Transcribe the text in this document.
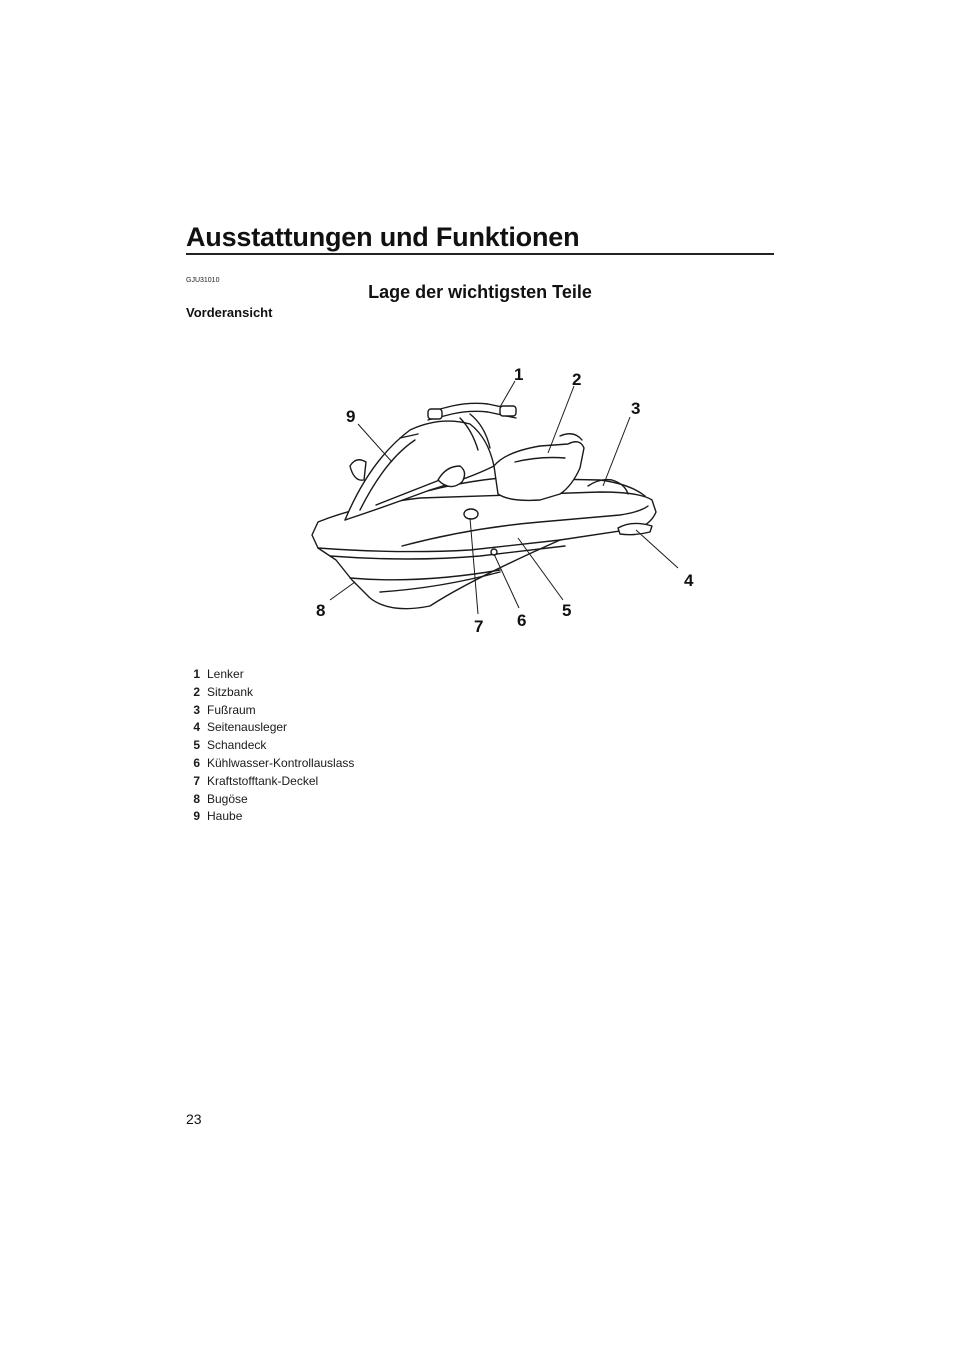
Ausstattungen und Funktionen
GJU31010
Lage der wichtigsten Teile
Vorderansicht
1	2
3
4
5
6
7
8
9
1 Lenker
2 Sitzbank
3 Fußraum
4 Seitenausleger
5 Schandeck
6 Kühlwasser-Kontrollauslass
7 Kraftstofftank-Deckel
8 Bugöse
9 Haube
23
carmanualsonline.info
